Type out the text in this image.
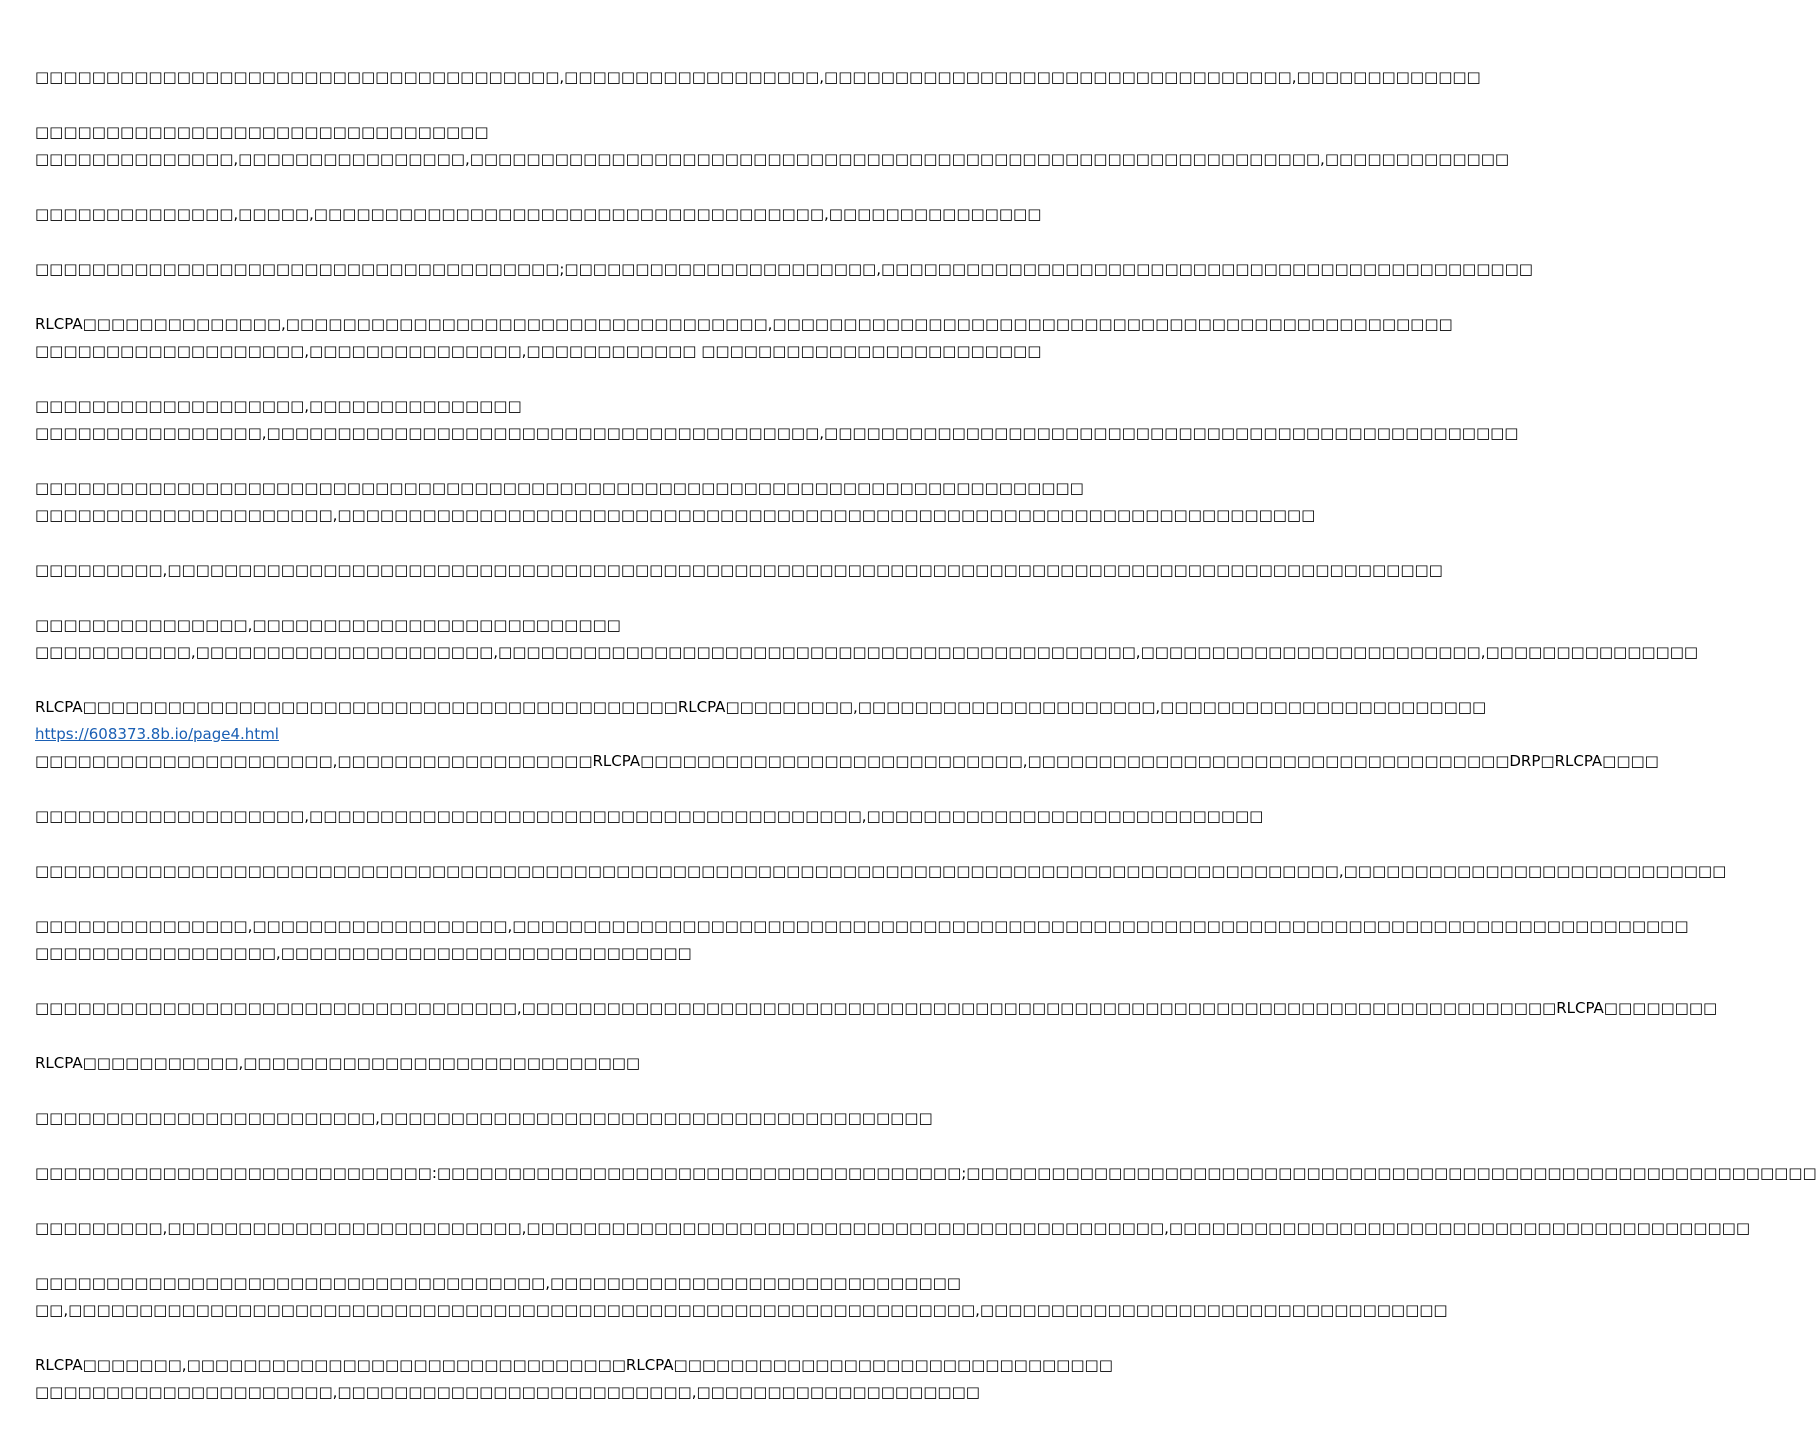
□□□□□□□□□□□□□□□□□□□□□□□□□□□□□□□□□□□□□,□□□□□□□□□□□□□□□□□□,□□□□□□□□□□□□□□□□□□□□□□□□□□□□□□□□□,□□□□□□□□□□□□□
□□□□□□□□□□□□□□□□□□□□□□□□□□□□□□□□
□□□□□□□□□□□□□□,□□□□□□□□□□□□□□□□,□□□□□□□□□□□□□□□□□□□□□□□□□□□□□□□□□□□□□□□□□□□□□□□□□□□□□□□□□□□□,□□□□□□□□□□□□□
□□□□□□□□□□□□□□,□□□□□,□□□□□□□□□□□□□□□□□□□□□□□□□□□□□□□□□□□□,□□□□□□□□□□□□□□□
□□□□□□□□□□□□□□□□□□□□□□□□□□□□□□□□□□□□□;□□□□□□□□□□□□□□□□□□□□□□,□□□□□□□□□□□□□□□□□□□□□□□□□□□□□□□□□□□□□□□□□□□□□□
RLCPA□□□□□□□□□□□□□□,□□□□□□□□□□□□□□□□□□□□□□□□□□□□□□□□□□,□□□□□□□□□□□□□□□□□□□□□□□□□□□□□□□□□□□□□□□□□□□□□□□□
□□□□□□□□□□□□□□□□□□□,□□□□□□□□□□□□□□□,□□□□□□□□□□□□ □□□□□□□□□□□□□□□□□□□□□□□□
□□□□□□□□□□□□□□□□□□□,□□□□□□□□□□□□□□□
□□□□□□□□□□□□□□□□,□□□□□□□□□□□□□□□□□□□□□□□□□□□□□□□□□□□□□□□,□□□□□□□□□□□□□□□□□□□□□□□□□□□□□□□□□□□□□□□□□□□□□□□□□
□□□□□□□□□□□□□□□□□□□□□□□□□□□□□□□□□□□□□□□□□□□□□□□□□□□□□□□□□□□□□□□□□□□□□□□□□□
□□□□□□□□□□□□□□□□□□□□□,□□□□□□□□□□□□□□□□□□□□□□□□□□□□□□□□□□□□□□□□□□□□□□□□□□□□□□□□□□□□□□□□□□□□□
□□□□□□□□□,□□□□□□□□□□□□□□□□□□□□□□□□□□□□□□□□□□□□□□□□□□□□□□□□□□□□□□□□□□□□□□□□□□□□□□□□□□□□□□□□□□□□□□□□□□
□□□□□□□□□□□□□□□,□□□□□□□□□□□□□□□□□□□□□□□□□□
□□□□□□□□□□□,□□□□□□□□□□□□□□□□□□□□□,□□□□□□□□□□□□□□□□□□□□□□□□□□□□□□□□□□□□□□□□□□□□□,□□□□□□□□□□□□□□□□□□□□□□□□,□□□□□□□□□□□□□□□
RLCPA□□□□□□□□□□□□□□□□□□□□□□□□□□□□□□□□□□□□□□□□□□RLCPA□□□□□□□□□,□□□□□□□□□□□□□□□□□□□□□,□□□□□□□□□□□□□□□□□□□□□□□
https://608373.8b.io/page4.html
□□□□□□□□□□□□□□□□□□□□□,□□□□□□□□□□□□□□□□□□RLCPA□□□□□□□□□□□□□□□□□□□□□□□□□□□,□□□□□□□□□□□□□□□□□□□□□□□□□□□□□□□□□□DRP□RLCPA□□□□
□□□□□□□□□□□□□□□□□□□,□□□□□□□□□□□□□□□□□□□□□□□□□□□□□□□□□□□□□□□,□□□□□□□□□□□□□□□□□□□□□□□□□□□□
□□□□□□□□□□□□□□□□□□□□□□□□□□□□□□□□□□□□□□□□□□□□□□□□□□□□□□□□□□□□□□□□□□□□□□□□□□□□□□□□□□□□□□□□□□□□,□□□□□□□□□□□□□□□□□□□□□□□□□□□
□□□□□□□□□□□□□□□,□□□□□□□□□□□□□□□□□□,□□□□□□□□□□□□□□□□□□□□□□□□□□□□□□□□□□□□□□□□□□□□□□□□□□□□□□□□□□□□□□□□□□□□□□□□□□□□□□□□□□□
□□□□□□□□□□□□□□□□□,□□□□□□□□□□□□□□□□□□□□□□□□□□□□□
□□□□□□□□□□□□□□□□□□□□□□□□□□□□□□□□□□,□□□□□□□□□□□□□□□□□□□□□□□□□□□□□□□□□□□□□□□□□□□□□□□□□□□□□□□□□□□□□□□□□□□□□□□□□RLCPA□□□□□□□□
RLCPA□□□□□□□□□□□,□□□□□□□□□□□□□□□□□□□□□□□□□□□□
□□□□□□□□□□□□□□□□□□□□□□□□,□□□□□□□□□□□□□□□□□□□□□□□□□□□□□□□□□□□□□□□
□□□□□□□□□□□□□□□□□□□□□□□□□□□□:□□□□□□□□□□□□□□□□□□□□□□□□□□□□□□□□□□□□□;□□□□□□□□□□□□□□□□□□□□□□□□□□□□□□□□□□□□□□□□□□□□□□□□□□□□□□□□□□□□
□□□□□□□□□,□□□□□□□□□□□□□□□□□□□□□□□□□,□□□□□□□□□□□□□□□□□□□□□□□□□□□□□□□□□□□□□□□□□□□□□,□□□□□□□□□□□□□□□□□□□□□□□□□□□□□□□□□□□□□□□□□
□□□□□□□□□□□□□□□□□□□□□□□□□□□□□□□□□□□□,□□□□□□□□□□□□□□□□□□□□□□□□□□□□□
□□,□□□□□□□□□□□□□□□□□□□□□□□□□□□□□□□□□□□□□□□□□□□□□□□□□□□□□□□□□□□□□□□□,□□□□□□□□□□□□□□□□□□□□□□□□□□□□□□□□□
RLCPA□□□□□□□,□□□□□□□□□□□□□□□□□□□□□□□□□□□□□□□RLCPA□□□□□□□□□□□□□□□□□□□□□□□□□□□□□□□
□□□□□□□□□□□□□□□□□□□□□,□□□□□□□□□□□□□□□□□□□□□□□□□,□□□□□□□□□□□□□□□□□□□□
